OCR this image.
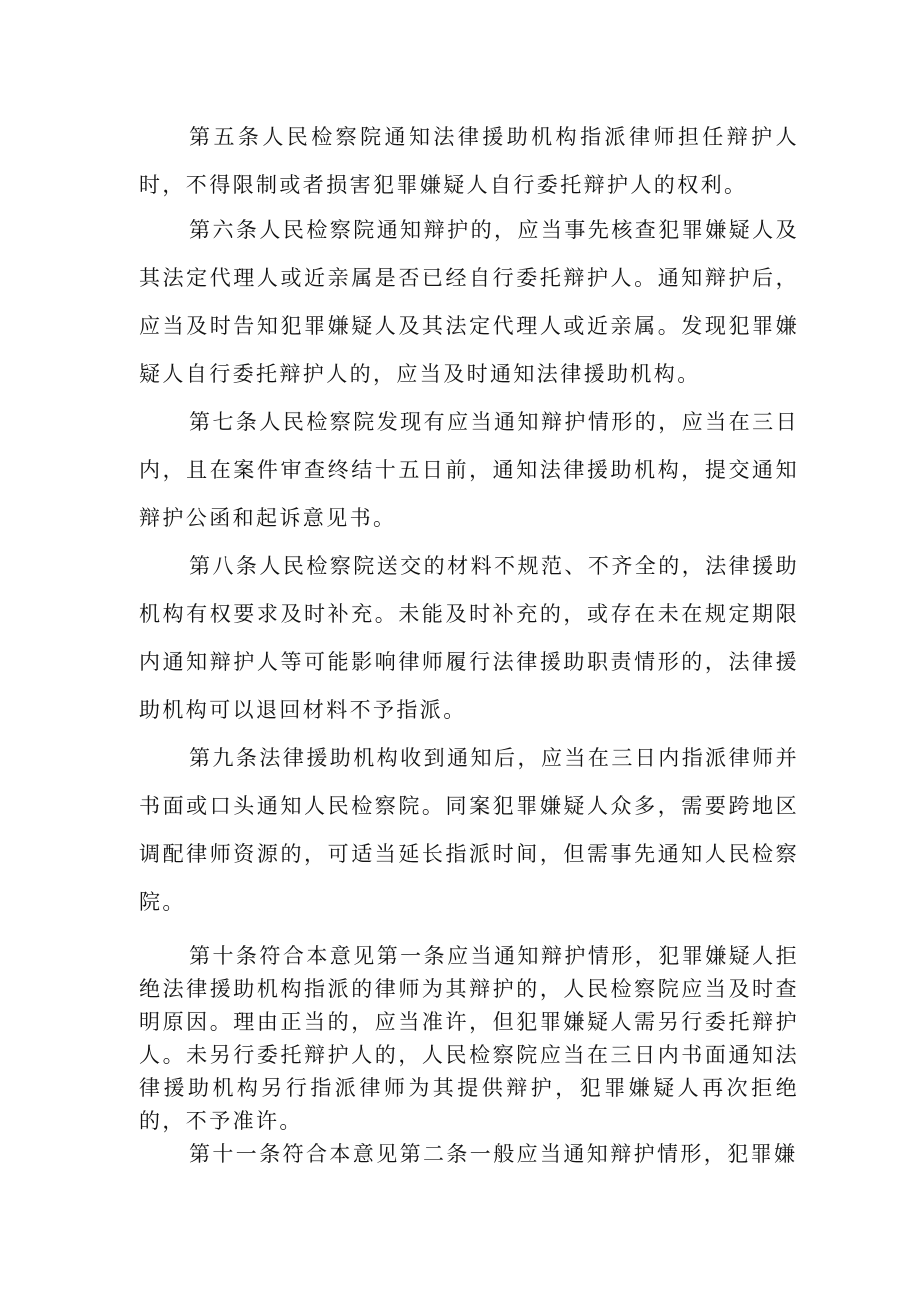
第五条人民检察院通知法律援助机构指派律师担任辩护人时，不得限制或者损害犯罪嫌疑人自行委托辩护人的权利。

第六条人民检察院通知辩护的，应当事先核查犯罪嫌疑人及其法定代理人或近亲属是否已经自行委托辩护人。通知辩护后，应当及时告知犯罪嫌疑人及其法定代理人或近亲属。发现犯罪嫌疑人自行委托辩护人的，应当及时通知法律援助机构。

第七条人民检察院发现有应当通知辩护情形的，应当在三日内，且在案件审查终结十五日前，通知法律援助机构，提交通知辩护公函和起诉意见书。

第八条人民检察院送交的材料不规范、不齐全的，法律援助机构有权要求及时补充。未能及时补充的，或存在未在规定期限内通知辩护人等可能影响律师履行法律援助职责情形的，法律援助机构可以退回材料不予指派。

第九条法律援助机构收到通知后，应当在三日内指派律师并书面或口头通知人民检察院。同案犯罪嫌疑人众多，需要跨地区调配律师资源的，可适当延长指派时间，但需事先通知人民检察院。

第十条符合本意见第一条应当通知辩护情形，犯罪嫌疑人拒绝法律援助机构指派的律师为其辩护的，人民检察院应当及时查明原因。理由正当的，应当准许，但犯罪嫌疑人需另行委托辩护人。未另行委托辩护人的，人民检察院应当在三日内书面通知法律援助机构另行指派律师为其提供辩护，犯罪嫌疑人再次拒绝的，不予准许。

第十一条符合本意见第二条一般应当通知辩护情形，犯罪嫌
